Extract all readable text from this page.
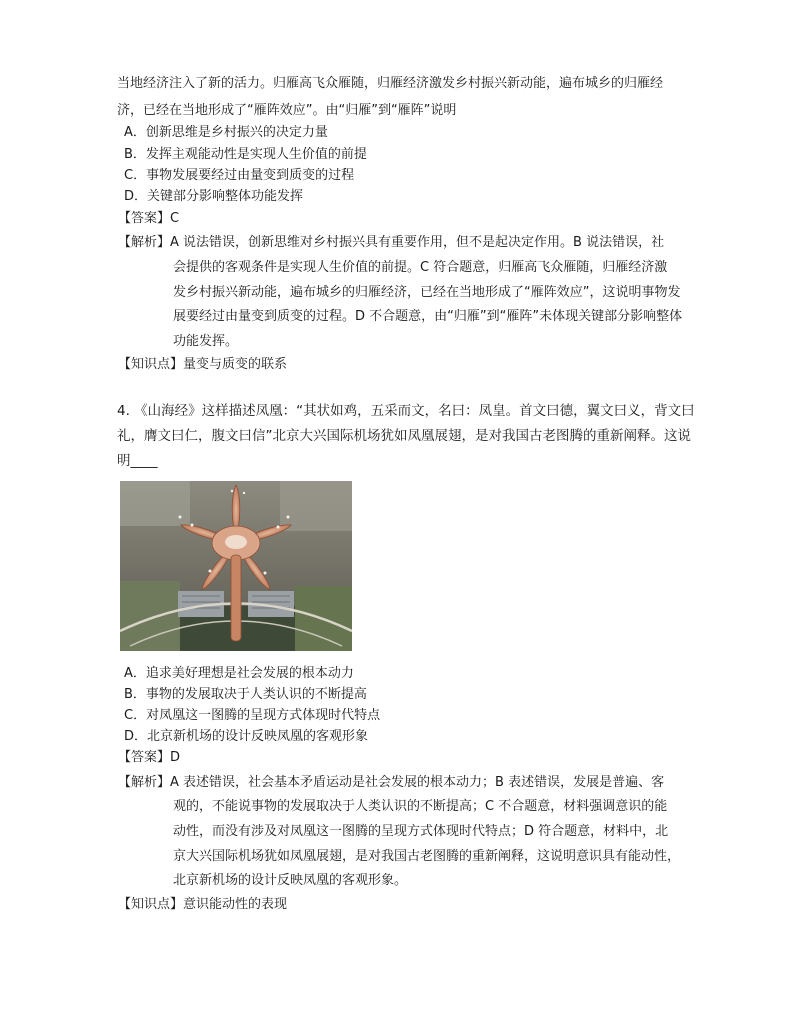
当地经济注入了新的活力。归雁高飞众雁随，归雁经济激发乡村振兴新动能，遍布城乡的归雁经
济，已经在当地形成了“雁阵效应”。由“归雁”到“雁阵”说明
A．创新思维是乡村振兴的决定力量
B．发挥主观能动性是实现人生价值的前提
C．事物发展要经过由量变到质变的过程
D．关键部分影响整体功能发挥
【答案】C
【解析】A 说法错误，创新思维对乡村振兴具有重要作用，但不是起决定作用。B 说法错误，社
会提供的客观条件是实现人生价值的前提。C 符合题意，归雁高飞众雁随，归雁经济激
发乡村振兴新动能，遍布城乡的归雁经济，已经在当地形成了“雁阵效应”，这说明事物发
展要经过由量变到质变的过程。D 不合题意，由“归雁”到“雁阵”未体现关键部分影响整体
功能发挥。
【知识点】量变与质变的联系
4. 《山海经》这样描述凤凰：“其状如鸡，五采而文，名曰：凤皇。首文曰德，翼文曰义，背文曰
礼，膺文曰仁，腹文曰信”北京大兴国际机场犹如凤凰展翅，是对我国古老图腾的重新阐释。这说
明____
A．追求美好理想是社会发展的根本动力
B．事物的发展取决于人类认识的不断提高
C．对凤凰这一图腾的呈现方式体现时代特点
D．北京新机场的设计反映凤凰的客观形象
【答案】D
【解析】A 表述错误，社会基本矛盾运动是社会发展的根本动力；B 表述错误，发展是普遍、客
观的，不能说事物的发展取决于人类认识的不断提高；C 不合题意，材料强调意识的能
动性，而没有涉及对凤凰这一图腾的呈现方式体现时代特点；D 符合题意，材料中，北
京大兴国际机场犹如凤凰展翅，是对我国古老图腾的重新阐释，这说明意识具有能动性，
北京新机场的设计反映凤凰的客观形象。
【知识点】意识能动性的表现
